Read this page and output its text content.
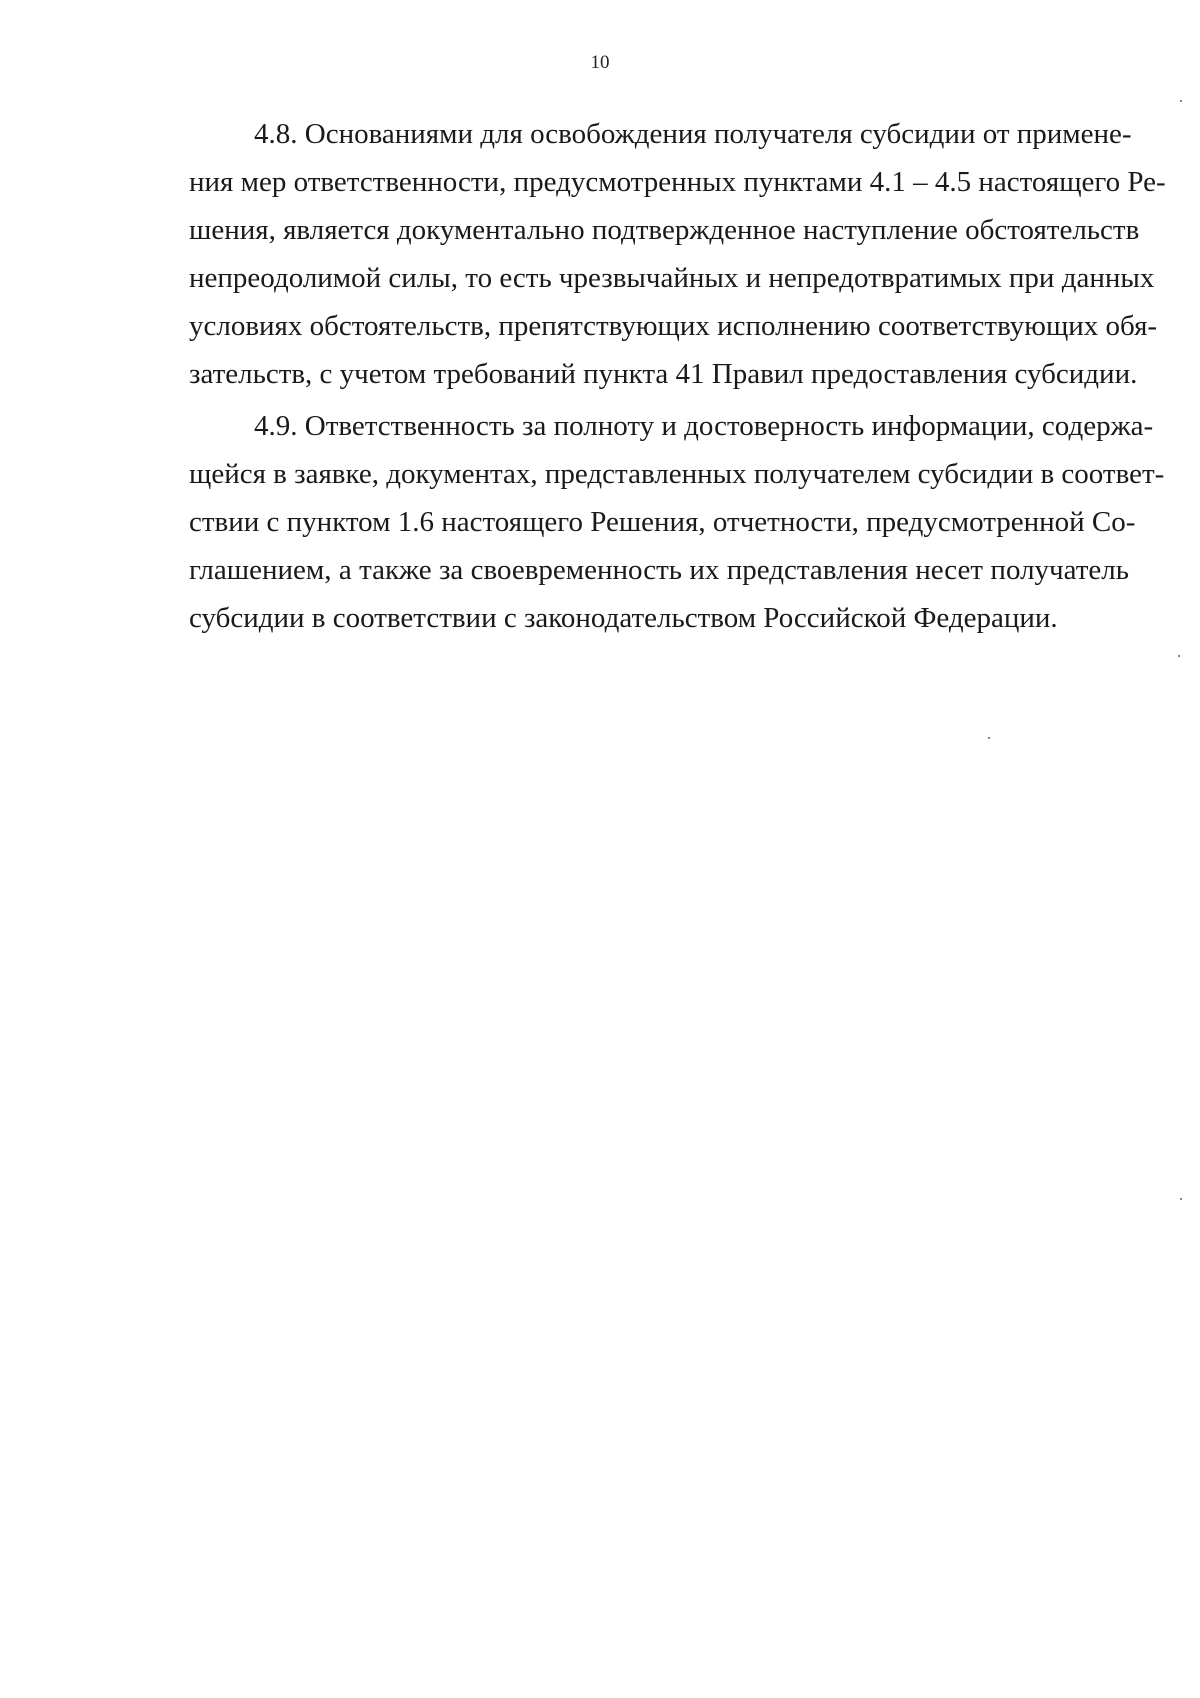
10
4.8. Основаниями для освобождения получателя субсидии от примене-
ния мер ответственности, предусмотренных пунктами 4.1 – 4.5 настоящего Ре-
шения, является документально подтвержденное наступление обстоятельств
непреодолимой силы, то есть чрезвычайных и непредотвратимых при данных
условиях обстоятельств, препятствующих исполнению соответствующих обя-
зательств, с учетом требований пункта 41 Правил предоставления субсидии.
4.9. Ответственность за полноту и достоверность информации, содержа-
щейся в заявке, документах, представленных получателем субсидии в соответ-
ствии с пунктом 1.6 настоящего Решения, отчетности, предусмотренной Со-
глашением, а также за своевременность их представления несет получатель
субсидии в соответствии с законодательством Российской Федерации.
